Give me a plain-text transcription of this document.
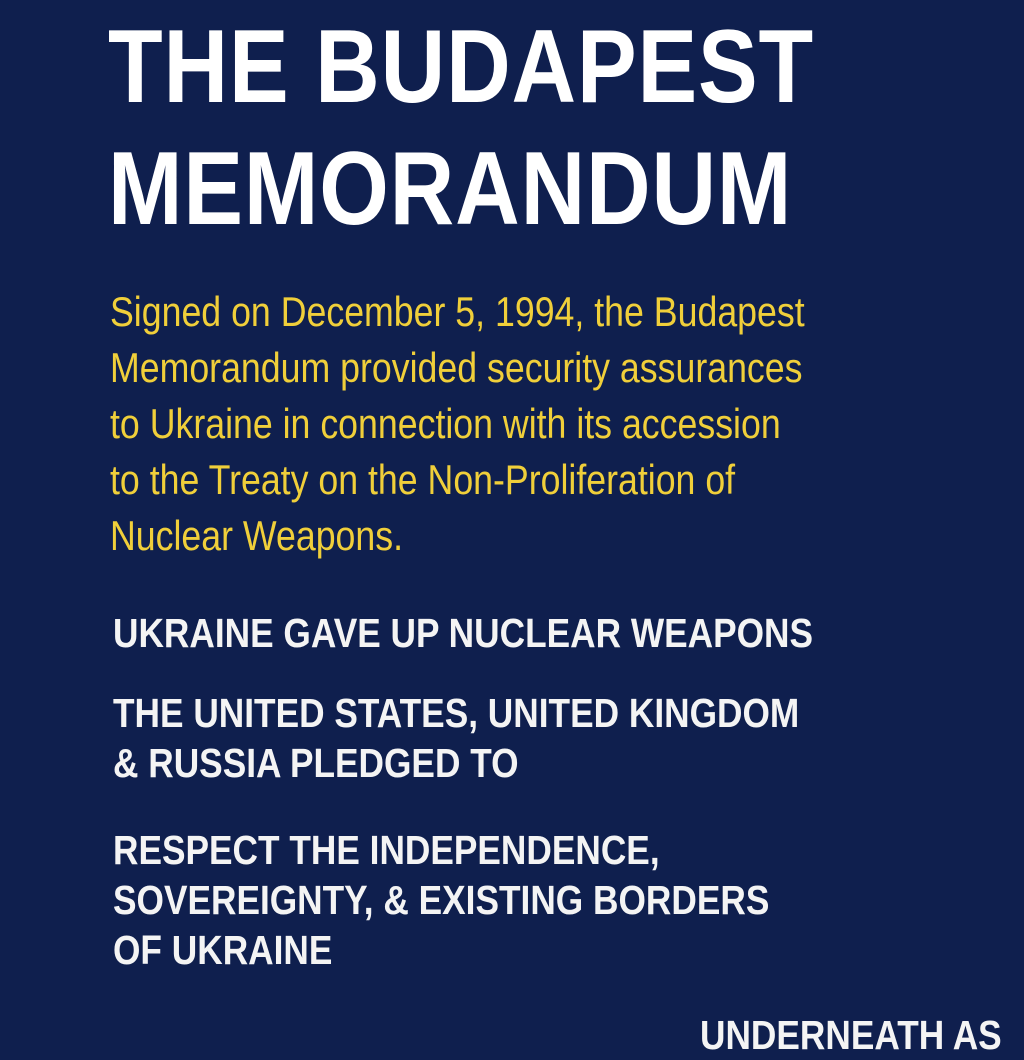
THE BUDAPEST
MEMORANDUM

Signed on December 5, 1994, the Budapest
Memorandum provided security assurances
to Ukraine in connection with its accession
to the Treaty on the Non-Proliferation of
Nuclear Weapons.

UKRAINE GAVE UP NUCLEAR WEAPONS

THE UNITED STATES, UNITED KINGDOM
& RUSSIA PLEDGED TO

RESPECT THE INDEPENDENCE,
SOVEREIGNTY, & EXISTING BORDERS
OF UKRAINE

UNDERNEATH AS
